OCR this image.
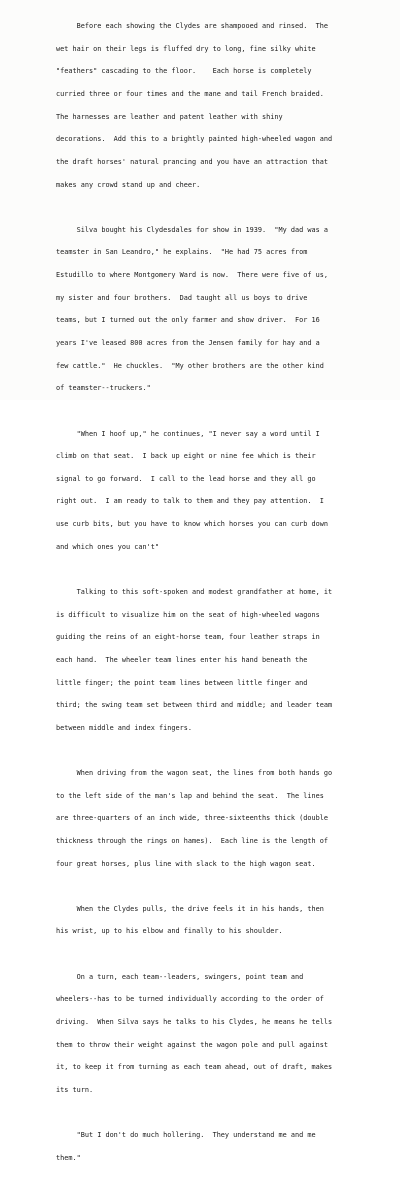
Before each showing the Clydes are shampooed and rinsed.  The

wet hair on their legs is fluffed dry to long, fine silky white

"feathers" cascading to the floor.    Each horse is completely

curried three or four times and the mane and tail French braided.

The harnesses are leather and patent leather with shiny

decorations.  Add this to a brightly painted high-wheeled wagon and

the draft horses' natural prancing and you have an attraction that

makes any crowd stand up and cheer.

Silva bought his Clydesdales for show in 1939.  "My dad was a

teamster in San Leandro," he explains.  "He had 75 acres from

Estudillo to where Montgomery Ward is now.  There were five of us,

my sister and four brothers.  Dad taught all us boys to drive

teams, but I turned out the only farmer and show driver.  For 16

years I've leased 800 acres from the Jensen family for hay and a

few cattle."  He chuckles.  "My other brothers are the other kind

of teamster--truckers."

"When I hoof up," he continues, "I never say a word until I

climb on that seat.  I back up eight or nine fee which is their

signal to go forward.  I call to the lead horse and they all go

right out.  I am ready to talk to them and they pay attention.  I

use curb bits, but you have to know which horses you can curb down

and which ones you can't"

Talking to this soft-spoken and modest grandfather at home, it

is difficult to visualize him on the seat of high-wheeled wagons

guiding the reins of an eight-horse team, four leather straps in

each hand.  The wheeler team lines enter his hand beneath the

little finger; the point team lines between little finger and

third; the swing team set between third and middle; and leader team

between middle and index fingers.

When driving from the wagon seat, the lines from both hands go

to the left side of the man's lap and behind the seat.  The lines

are three-quarters of an inch wide, three-sixteenths thick (double

thickness through the rings on hames).  Each line is the length of

four great horses, plus line with slack to the high wagon seat.

When the Clydes pulls, the drive feels it in his hands, then

his wrist, up to his elbow and finally to his shoulder.

On a turn, each team--leaders, swingers, point team and

wheelers--has to be turned individually according to the order of

driving.  When Silva says he talks to his Clydes, he means he tells

them to throw their weight against the wagon pole and pull against

it, to keep it from turning as each team ahead, out of draft, makes

its turn.

"But I don't do much hollering.  They understand me and me

them."
